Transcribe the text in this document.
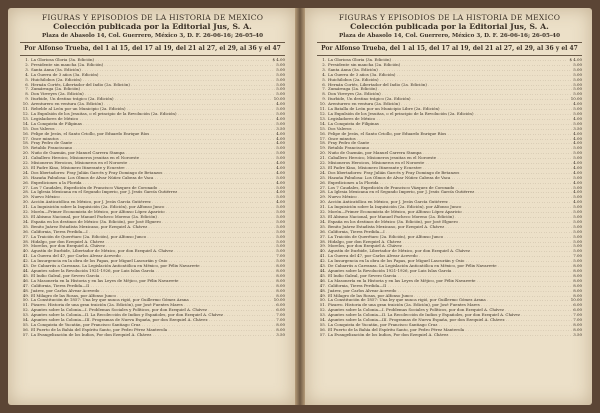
FIGURAS Y EPISODIOS DE LA HISTORIA DE MEXICO
Colección publicada por la Editorial Jus, S. A.
Plaza de Abasolo 14, Col. Guerrero, México 3, D. F. 26-06-16; 26-05-40
Por Alfonso Trueba, del 1 al 15, del 17 al 19, del 21 al 27, el 29, al 36 y el 47
1. La Gloriosa Gloria (3a. Edición) . . .	$ 4.00
2. Presidente sin mancha (2a. Edición) . . .	5.00
3. Santa Anna (5a. Edición) . . .	5.00
4. La Guerra de 3 años (3a. Edición) . . .	5.00
5. Huichilobos (2a. Edición) . . .	5.00
6. Hernán Cortés, Libertador del Indio (2a. Edición) . . .	5.00
7. Zumárraga (2a. Edición) . . .	5.00
8. Don Virreyes (2a. Edición) . . .	5.00
9. Iturbide, Un destino trágico (2a. Edición) . . .	10.00
10. Aventurero en ventura (2a. Edición) . . .	4.00
11. Rebelde al León por un Municipio (2a. Edición) . . .	5.00
12. La Expulsión de los Jesuitas, o el principio de la Revolución (2a. Edición) . . .	5.00
13. Legisladores de México . . .	4.00
14. La Conquista de Filipinas . . .	5.00
15. Dos Valeros . . .	3.50
16. Felipe de Jesús, el Santo Criollo, por Eduardo Enrique Ríos . . .	4.00
17. Once minutos . . .	4.00
18. Fray Pedro de Gante . . .	4.00
19. Retablo Franciscano . . .	5.00
20. Nuño de Guzmán, por Manuel Carrera Stampa . . .	5.00
21. Caballero Heroico, Misioneros jesuitas en el Noroeste . . .	5.00
22. Misioneros Heroicos, Misioneros en el Noroeste . . .	4.00
23. El Padre Kino, Misionero Itinerante y Ecuestre . . .	4.00
24. Dos libertadores: Fray Julián Garcés y Fray Domingo de Betanzos . . .	4.00
25. Hazaña Fabulosa: Los Olmos de Alvar Núñez Cabeza de Vaca . . .	5.00
26. Expediciones a la Florida . . .	4.00
27. Los 7 Caudales, Expedición de Francisco Vázquez de Coronado . . .	5.00
28. La Iglesia Mexicana en el Segundo Imperio, por J. Jesús García Gutiérrez . . .	4.00
29. Nuevo México . . .	5.00
30. Acción Anticatólica en México, por J. Jesús García Gutiérrez . . .	4.00
31. La Inquisición sobre la Inquisición (2a. Edición), por Alfonso Junco . . .	5.00
32. Morón—Primer Economista de México, por Alfonso López Aparicio . . .	5.00
33. El Abismo Nacional, por Manuel Pacheco Moreno (2a. Edición) . . .	5.00
34. España en los destinos de México (3a. Edición), por José Elguero . . .	5.00
35. Benito Juárez Estadista Mexicano, por Ezequiel A. Chávez . . .	5.00
36. California, Tierra Perdida—I . . .	5.00
37. La Traición de Querétaro (2a. Edición), por Alfonso Junco . . .	5.00
38. Hidalgo, por don Ezequiel A. Chávez . . .	5.00
39. Morelos, por don Ezequiel A. Chávez . . .	5.00
40. Agustín de Iturbide, Libertador de México, por don Ezequiel A. Chávez . . .	5.00
41. La Guerra del 47, por Carlos Alvear Acevedo . . .	7.00
42. La Insurgencia en la obra de los Papas, por Miguel Lascuráin y Osio . . .	5.00
43. De Cabarrús a Carranza. La Legislación Anticatólica en México, por Félix Navarrete . . .	8.00
44. Apuntes sobre la Revolución 1921-1926, por Luis Islas García . . .	8.00
45. El Indio Galeal, por Severo García . . .	8.00
46. La Masonería en la Historia y en las Leyes de Méjico, por Félix Navarrete . . .	8.00
47. California, Tierra Perdida—II . . .	8.00
48. Juárez, por Carlos Alvear Acevedo . . .	8.00
49. El Milagro de las Rosas, por Alfonso Junco . . .	8.00
50. La Constitución de 1857: Una ley que nunca rigió, por Guillermo Gómez Arana . . .	10.00
51. Pizarro. Historia de una gran traición (2a. Edición), por José Fuentes Mares . . .	6.00
52. Apuntes sobre la Colonia—I. Problemas Sociales y Políticos, por don Ezequiel A. Chávez . . .	6.00
53. Apuntes sobre la Colonia—II. La Recolección de Indios y Españoles, por don Ezequiel A. Chávez . . .	7.00
54. Apuntes sobre la Colonia—III. Programas de Nueva España, por don Ezequiel A. Chávez . . .	7.00
55. La Conquista de Yucatán, por Francisco Santiago Cruz . . .	8.00
56. El Puerto de la Bahía del Espíritu Santo, por Pedro Pérez Manterola . . .	8.00
57. La Evangelización de los Indios, Por don Ezequiel A. Chávez . . .	3.50
FIGURAS Y EPISODIOS DE LA HISTORIA DE MEXICO
Colección publicada por la Editorial Jus, S. A.
Plaza de Abasolo 14, Col. Guerrero, México 3, D. F. 26-06-16; 26-05-40
Por Alfonso Trueba, del 1 al 15, del 17 al 19, del 21 al 27, el 29, al 36 y el 47
1. La Gloriosa Gloria (3a. Edición) . . .	$ 4.00
2. Presidente sin mancha (2a. Edición) . . .	5.00
3. Santa Anna (5a. Edición) . . .	5.00
4. La Guerra de 3 años (3a. Edición) . . .	5.00
5. Huichilobos (2a. Edición) . . .	5.00
6. Hernán Cortés, Libertador del Indio (2a. Edición) . . .	5.00
7. Zumárraga (2a. Edición) . . .	5.00
8. Don Virreyes (2a. Edición) . . .	5.00
9. Iturbide, Un destino trágico (2a. Edición) . . .	10.00
10. Aventurero en ventura (2a. Edición) . . .	4.00
11. La Batalla de León por un Municipio Libre (2a. Edición) . . .	5.00
12. La Expulsión de los Jesuitas, o el principio de la Revolución (2a. Edición) . . .	5.00
13. Legisladores de México . . .	4.00
14. La Conquista de Filipinas . . .	5.00
15. Dos Valeros . . .	3.50
16. Felipe de Jesús, el Santo Criollo, por Eduardo Enrique Ríos . . .	4.00
17. Once minutos . . .	4.00
18. Fray Pedro de Gante . . .	4.00
19. Retablo Franciscano . . .	5.00
20. Nuño de Guzmán, por Manuel Carrera Stampa . . .	5.00
21. Caballero Heroico, Misioneros jesuitas en el Noroeste . . .	5.00
22. Misioneros Heroicos, Misioneros en el Noroeste . . .	4.00
23. El Padre Kino, Misionero Itinerante y Ecuestre . . .	4.00
24. Dos libertadores: Fray Julián Garcés y Fray Domingo de Betanzos . . .	4.00
25. Hazaña Fabulosa: Los Olmos de Alvar Núñez Cabeza de Vaca . . .	5.00
26. Expediciones a la Florida . . .	4.00
27. Los 7 Caudales, Expedición de Francisco Vázquez de Coronado . . .	5.00
28. La Iglesia Mexicana en el Segundo Imperio, por J. Jesús García Gutiérrez . . .	4.00
29. Nuevo México . . .	5.00
30. Acción Anticatólica en México, por J. Jesús García Gutiérrez . . .	4.00
31. La Inquisición sobre la Inquisición (2a. Edición), por Alfonso Junco . . .	5.00
32. Morón—Primer Economista de México, por Alfonso López Aparicio . . .	5.00
33. El Abismo Nacional, por Manuel Pacheco Moreno (2a. Edición) . . .	5.00
34. España en los destinos de México (3a. Edición), por José Elguero . . .	5.00
35. Benito Juárez Estadista Mexicano, por Ezequiel A. Chávez . . .	5.00
36. California, Tierra Perdida—I . . .	5.00
37. La Traición de Querétaro (2a. Edición), por Alfonso Junco . . .	5.00
38. Hidalgo, por don Ezequiel A. Chávez . . .	5.00
39. Morelos, por don Ezequiel A. Chávez . . .	5.00
40. Agustín de Iturbide, Libertador de México, por don Ezequiel A. Chávez . . .	5.00
41. La Guerra del 47, por Carlos Alvear Acevedo . . .	7.00
42. La Insurgencia en la obra de los Papas, por Miguel Lascuráin y Osio . . .	5.00
43. De Cabarrús a Carranza. La Legislación Anticatólica en México, por Félix Navarrete . . .	8.00
44. Apuntes sobre la Revolución 1921-1926, por Luis Islas García . . .	8.00
45. El Indio Galeal, por Severo García . . .	8.00
46. La Masonería en la Historia y en las Leyes de Méjico, por Félix Navarrete . . .	8.00
47. California, Tierra Perdida—II . . .	8.00
48. Juárez, por Carlos Alvear Acevedo . . .	8.00
49. El Milagro de las Rosas, por Alfonso Junco . . .	8.00
50. La Constitución de 1857: Una ley que nunca rigió, por Guillermo Gómez Arana . . .	10.00
51. Pizarro. Historia de una gran traición (2a. Edición), por José Fuentes Mares . . .	6.00
52. Apuntes sobre la Colonia—I. Problemas Sociales y Políticos, por don Ezequiel A. Chávez . . .	6.00
53. Apuntes sobre la Colonia—II. La Recolección de Indios y Españoles, por don Ezequiel A. Chávez . . .	7.00
54. Apuntes sobre la Colonia—III. Programas de Nueva España, por don Ezequiel A. Chávez . . .	7.00
55. La Conquista de Yucatán, por Francisco Santiago Cruz . . .	8.00
56. El Puerto de la Bahía del Espíritu Santo, por Pedro Pérez Manterola . . .	8.00
57. La Evangelización de los Indios, Por don Ezequiel A. Chávez . . .	3.50
